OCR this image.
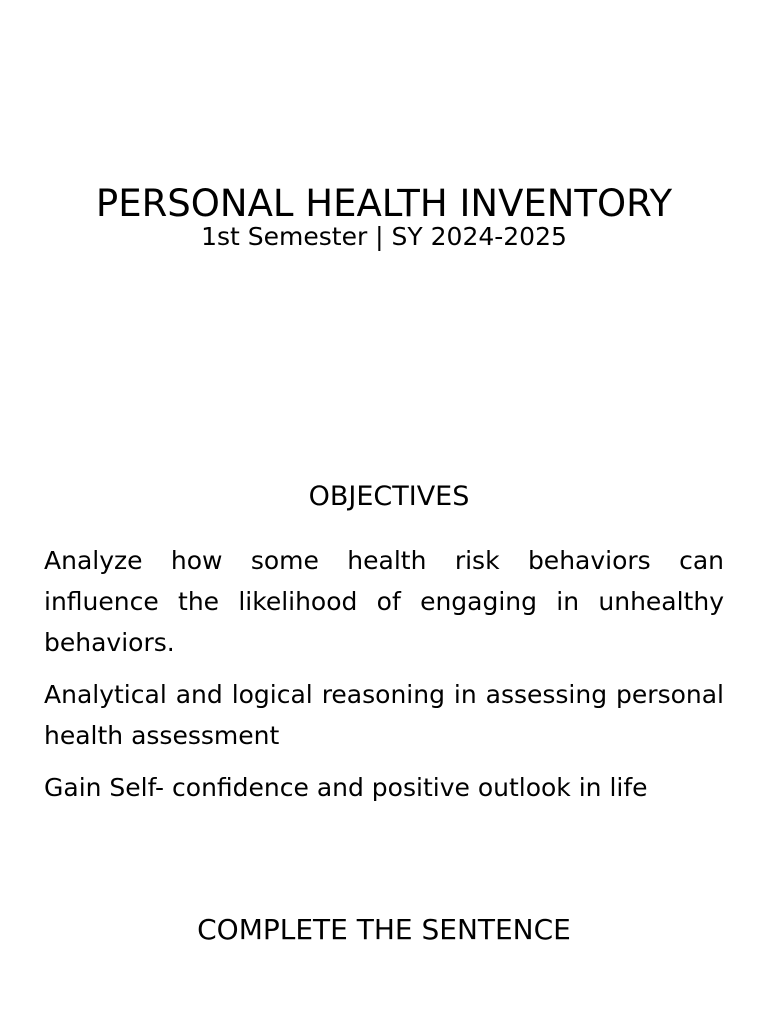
PERSONAL HEALTH INVENTORY
1st Semester | SY 2024-2025
OBJECTIVES
Analyze how some health risk behaviors can influence the likelihood of engaging in unhealthy behaviors.
Analytical and logical reasoning in assessing personal health assessment
Gain Self- confidence and positive outlook in life
COMPLETE THE SENTENCE
